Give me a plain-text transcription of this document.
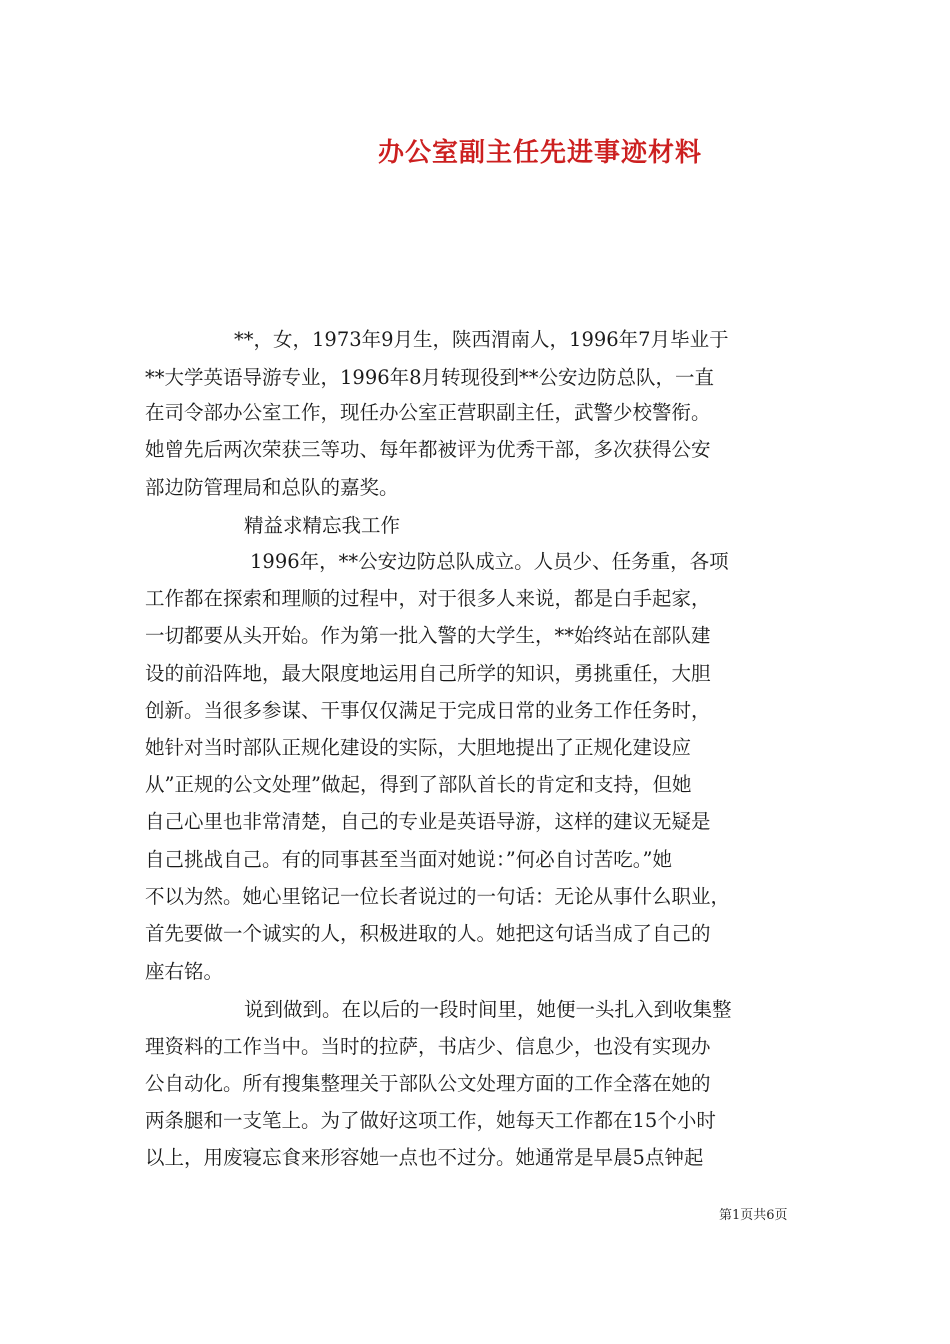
办公室副主任先进事迹材料
**，女，1973年9月生，陕西渭南人，1996年7月毕业于
**大学英语导游专业，1996年8月转现役到**公安边防总队，一直
在司令部办公室工作，现任办公室正营职副主任，武警少校警衔。
她曾先后两次荣获三等功、每年都被评为优秀干部，多次获得公安
部边防管理局和总队的嘉奖。
精益求精忘我工作
1996年，**公安边防总队成立。人员少、任务重，各项
工作都在探索和理顺的过程中，对于很多人来说，都是白手起家，
一切都要从头开始。作为第一批入警的大学生，**始终站在部队建
设的前沿阵地，最大限度地运用自己所学的知识，勇挑重任，大胆
创新。当很多参谋、干事仅仅满足于完成日常的业务工作任务时，
她针对当时部队正规化建设的实际，大胆地提出了正规化建设应
从”正规的公文处理”做起，得到了部队首长的肯定和支持，但她
自己心里也非常清楚，自己的专业是英语导游，这样的建议无疑是
自己挑战自己。有的同事甚至当面对她说：”何必自讨苦吃。”她
不以为然。她心里铭记一位长者说过的一句话：无论从事什么职业，
首先要做一个诚实的人，积极进取的人。她把这句话当成了自己的
座右铭。
说到做到。在以后的一段时间里，她便一头扎入到收集整
理资料的工作当中。当时的拉萨，书店少、信息少，也没有实现办
公自动化。所有搜集整理关于部队公文处理方面的工作全落在她的
两条腿和一支笔上。为了做好这项工作，她每天工作都在15个小时
以上，用废寝忘食来形容她一点也不过分。她通常是早晨5点钟起
第1页共6页
